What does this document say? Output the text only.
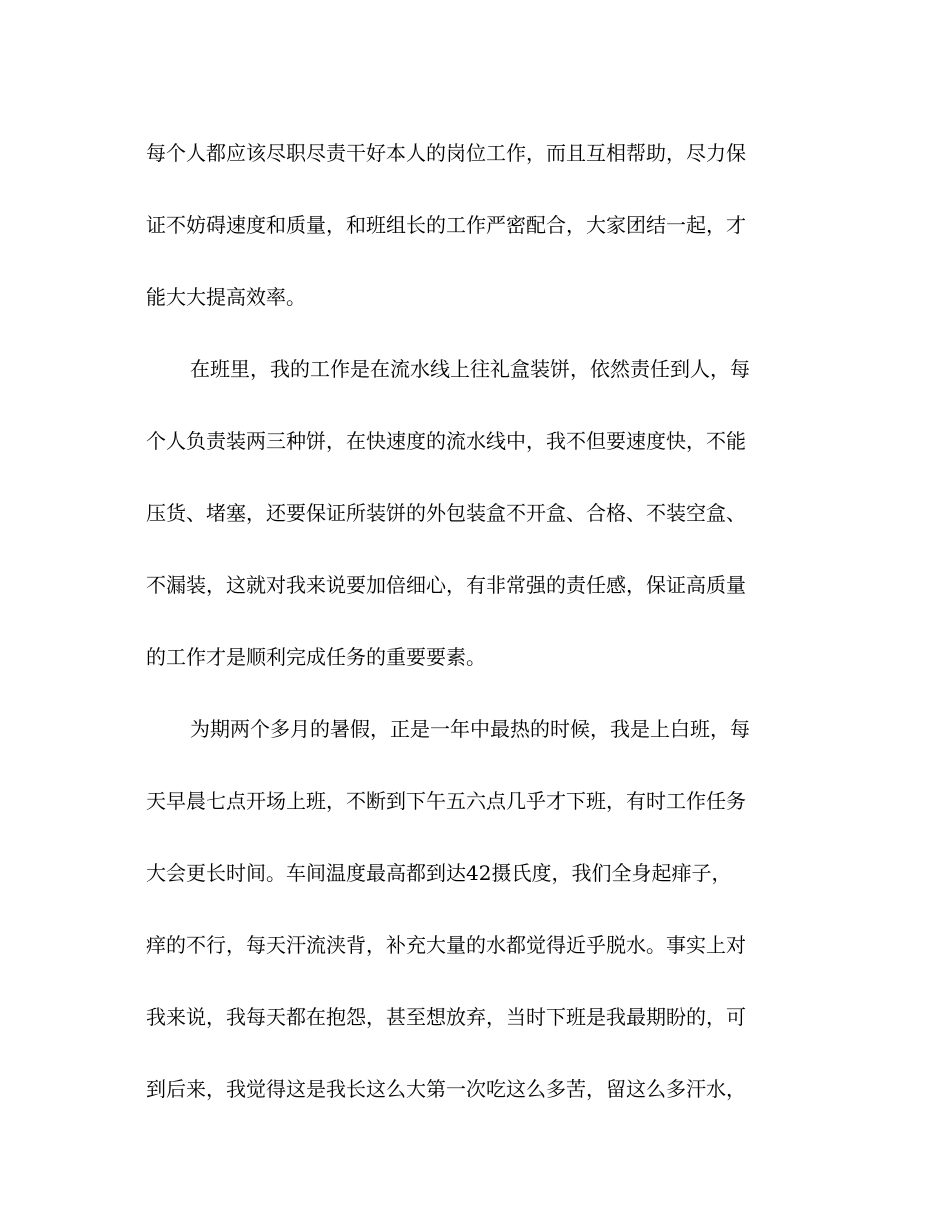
每个人都应该尽职尽责干好本人的岗位工作，而且互相帮助，尽力保
证不妨碍速度和质量，和班组长的工作严密配合，大家团结一起，才
能大大提高效率。
在班里，我的工作是在流水线上往礼盒装饼，依然责任到人，每
个人负责装两三种饼，在快速度的流水线中，我不但要速度快，不能
压货、堵塞，还要保证所装饼的外包装盒不开盒、合格、不装空盒、
不漏装，这就对我来说要加倍细心，有非常强的责任感，保证高质量
的工作才是顺利完成任务的重要要素。
为期两个多月的暑假，正是一年中最热的时候，我是上白班，每
天早晨七点开场上班，不断到下午五六点几乎才下班，有时工作任务
大会更长时间。车间温度最高都到达42摄氏度，我们全身起痱子，
痒的不行，每天汗流浃背，补充大量的水都觉得近乎脱水。事实上对
我来说，我每天都在抱怨，甚至想放弃，当时下班是我最期盼的，可
到后来，我觉得这是我长这么大第一次吃这么多苦，留这么多汗水，
